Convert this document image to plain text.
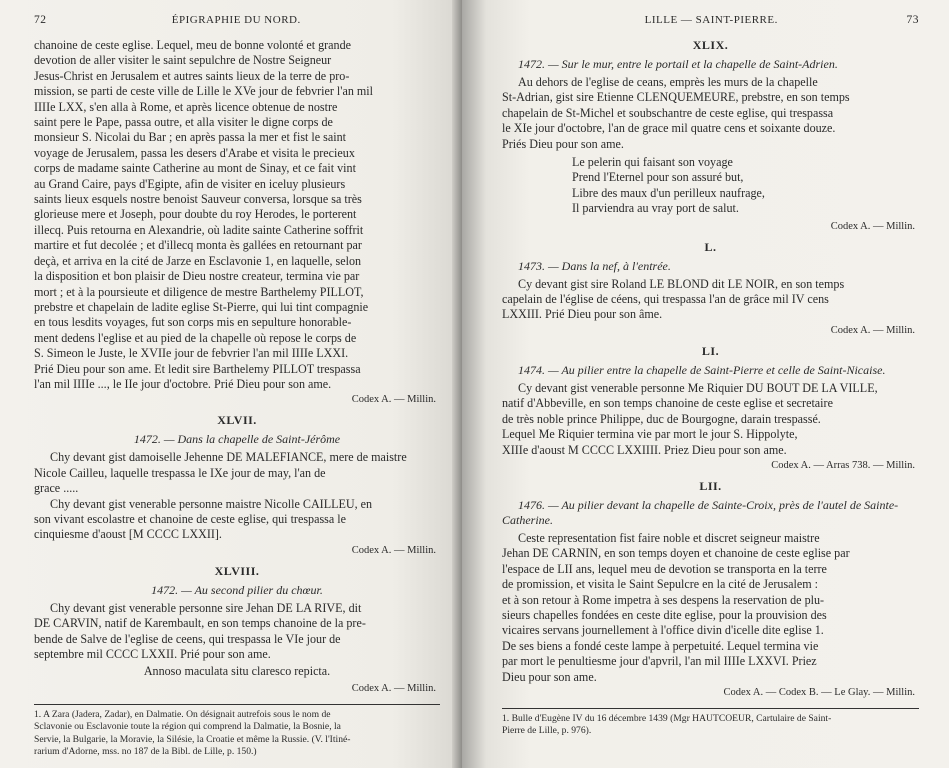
72	ÉPIGRAPHIE DU NORD.
chanoine de ceste eglise. Lequel, meu de bonne volonté et grande
devotion de aller visiter le saint sepulchre de Nostre Seigneur
Jesus-Christ en Jerusalem et autres saints lieux de la terre de pro-
mission, se parti de ceste ville de Lille le XVe jour de febvrier l'an mil
IIIIe LXX, s'en alla à Rome, et après licence obtenue de nostre
saint pere le Pape, passa outre, et alla visiter le digne corps de
monsieur S. Nicolai du Bar ; en après passa la mer et fist le saint
voyage de Jerusalem, passa les desers d'Arabe et visita le precieux
corps de madame sainte Catherine au mont de Sinay, et ce fait vint
au Grand Caire, pays d'Egipte, afin de visiter en iceluy plusieurs
saints lieux esquels nostre benoist Sauveur conversa, lorsque sa très
glorieuse mere et Joseph, pour doubte du roy Herodes, le porterent
illecq. Puis retourna en Alexandrie, où ladite sainte Catherine soffrit
martire et fut decolée ; et d'illecq monta ès gallées en retournant par
deçà, et arriva en la cité de Jarze en Esclavonie 1, en laquelle, selon
la disposition et bon plaisir de Dieu nostre createur, termina vie par
mort ; et à la poursieute et diligence de mestre Barthelemy PILLOT,
prebstre et chapelain de ladite eglise St-Pierre, qui lui tint compagnie
en tous lesdits voyages, fut son corps mis en sepulture honorable-
ment dedens l'eglise et au pied de la chapelle où repose le corps de
S. Simeon le Juste, le XVIIe jour de febvrier l'an mil IIIIe LXXI.
Prié Dieu pour son ame. Et ledit sire Barthelemy PILLOT trespassa
l'an mil IIIIe ..., le IIe jour d'octobre. Prié Dieu pour son ame.
Codex A. — Millin.
XLVII.
1472. — Dans la chapelle de Saint-Jérôme
Chy devant gist damoiselle Jehenne DE MALEFIANCE, mere de maistre
Nicole Cailleu, laquelle trespassa le IXe jour de may, l'an de
grace .....
Chy devant gist venerable personne maistre Nicolle CAILLEU, en
son vivant escolastre et chanoine de ceste eglise, qui trespassa le
cinquiesme d'aoust [M CCCC LXXII].
Codex A. — Millin.
XLVIII.
1472. — Au second pilier du chœur.
Chy devant gist venerable personne sire Jehan DE LA RIVE, dit
DE CARVIN, natif de Karembault, en son temps chanoine de la pre-
bende de Salve de l'eglise de ceens, qui trespassa le VIe jour de
septembre mil CCCC LXXII. Prié pour son ame.
Annoso maculata situ claresco repicta.
Codex A. — Millin.
1. A Zara (Jadera, Zadar), en Dalmatie. On désignait autrefois sous le nom de
Sclavonie ou Esclavonie toute la région qui comprend la Dalmatie, la Bosnie, la
Servie, la Bulgarie, la Moravie, la Silésie, la Croatie et même la Russie. (V. l'Itiné-
rarium d'Adorne, mss. no 187 de la Bibl. de Lille, p. 150.)
LILLE — SAINT-PIERRE.	73
XLIX.
1472. — Sur le mur, entre le portail et la chapelle de Saint-Adrien.
Au dehors de l'eglise de ceans, emprès les murs de la chapelle
St-Adrian, gist sire Etienne CLENQUEMEURE, prebstre, en son temps
chapelain de St-Michel et soubschantre de ceste eglise, qui trespassa
le XIe jour d'octobre, l'an de grace mil quatre cens et soixante douze.
Priés Dieu pour son ame.
Le pelerin qui faisant son voyage
Prend l'Eternel pour son assuré but,
Libre des maux d'un perilleux naufrage,
Il parviendra au vray port de salut.
Codex A. — Millin.
L.
1473. — Dans la nef, à l'entrée.
Cy devant gist sire Roland LE BLOND dit LE NOIR, en son temps
capelain de l'église de céens, qui trespassa l'an de grâce mil IV cens
LXXIII. Prié Dieu pour son âme.
Codex A. — Millin.
LI.
1474. — Au pilier entre la chapelle de Saint-Pierre et celle de Saint-Nicaise.
Cy devant gist venerable personne Me Riquier DU BOUT DE LA VILLE,
natif d'Abbeville, en son temps chanoine de ceste eglise et secretaire
de très noble prince Philippe, duc de Bourgogne, darain trespassé.
Lequel Me Riquier termina vie par mort le jour S. Hippolyte,
XIIIe d'aoust M CCCC LXXIIII. Priez Dieu pour son ame.
Codex A. — Arras 738. — Millin.
LII.
1476. — Au pilier devant la chapelle de Sainte-Croix, près de l'autel de Sainte-Catherine.
Ceste representation fist faire noble et discret seigneur maistre
Jehan DE CARNIN, en son temps doyen et chanoine de ceste eglise par
l'espace de LII ans, lequel meu de devotion se transporta en la terre
de promission, et visita le Saint Sepulcre en la cité de Jerusalem :
et à son retour à Rome impetra à ses despens la reservation de plu-
sieurs chapelles fondées en ceste dite eglise, pour la prouvision des
vicaires servans journellement à l'office divin d'icelle dite eglise 1.
De ses biens a fondé ceste lampe à perpetuité. Lequel termina vie
par mort le penultiesme jour d'apvril, l'an mil IIIIe LXXVI. Priez
Dieu pour son ame.
Codex A. — Codex B. — Le Glay. — Millin.
1. Bulle d'Eugène IV du 16 décembre 1439 (Mgr HAUTCOEUR, Cartulaire de Saint-
Pierre de Lille, p. 976).
